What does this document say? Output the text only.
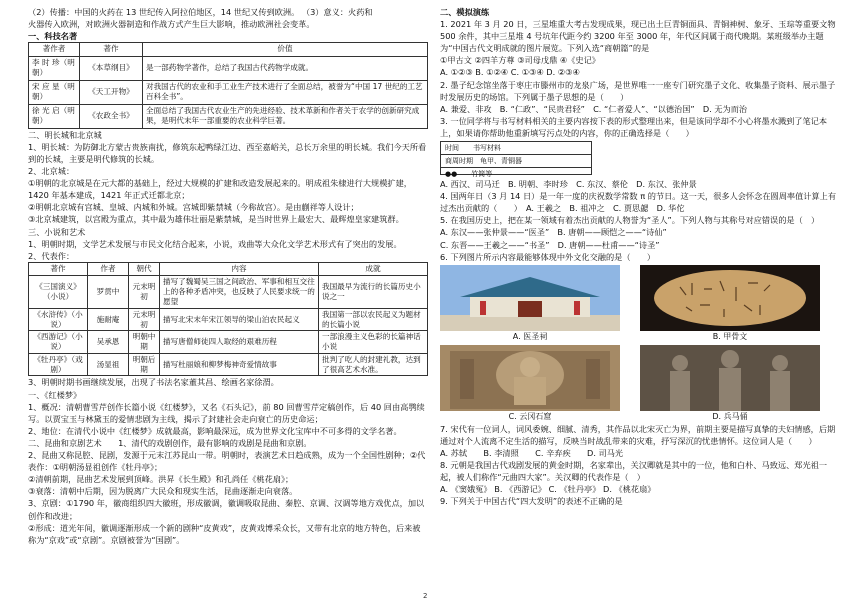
（2）传播：中国的火药在 13 世纪传入阿拉伯地区，14 世纪又传到欧洲。 （3）意义：火药和
火器传入欧洲，对欧洲火器制造和作战方式产生巨大影响，推动欧洲社会变革。
一、科技名著
著作者	著作	价值
李 时 珍（明朝）	《本草纲目》	是一部药物学著作，总结了我国古代药物学成就。
宋 应 星（明朝）	《天工开物》	对我国古代的农业和手工业生产技术进行了全面总结，被誉为“中国 17 世纪的工艺百科全书”。
徐 光 启（明朝）	《农政全书》	全面总结了我国古代农业生产的先进经验、技术革新和作者关于农学的创新研究成果，是明代末年一部重要的农业科学巨著。
二、明长城和北京城
1、明长城：为防御北方蒙古贵族南扰，修筑东起鸭绿江边、西至嘉峪关，总长万余里的明长城。我们今天所看到的长城，主要是明代修筑的长城。
2、北京城：
①明朝的北京城是在元大都的基础上，经过大规模的扩建和改造发展起来的。明成祖朱棣进行大规模扩建，1420 年基本建成，1421 年正式迁都北京；
②明朝北京城有宫城、皇城、内城和外城。宫城即紫禁城（今称故宫）。是由蒯祥等人设计；
③北京城建筑，以宫殿为重点，其中最为雄伟壮丽是紫禁城，是当时世界上最宏大、最辉煌皇家建筑群。
三、小说和艺术
1、明朝时期，文学艺术发展与市民文化结合起来，小说，戏曲等大众化文学艺术形式有了突出的发展。
2、代表作：
著作	作者	朝代	内容	成就
《三国演义》（小说）	罗贯中	元末明初	描写了魏蜀吴三国之间政治、军事和相互交往上的各种矛盾冲突，也反映了人民要求统一的愿望	我国最早为流行的长篇历史小说之一
《水浒传》（小说）	施耐庵	元末明初	描写北宋末年宋江领导的梁山泊农民起义	我国第一部以农民起义为题材的长篇小说
《西游记》（小说）	吴承恩	明朝中期	描写唐僧师徒四人取经的艰难历程	一部浪漫主义色彩的长篇神话小说
《牡丹亭》（戏剧）	汤显祖	明朝后期	描写杜丽娘和柳梦梅神奇爱情故事	批判了吃人的封建礼教，达到了很高艺术水准。
3、明朝时期书画继续发展，出现了书法名家董其昌、绘画名家徐渭。
一、《红楼梦》
1、概况：清朝曹雪芹创作长篇小说《红楼梦》，又名《石头记》，前 80 回曹雪芹定稿创作，后 40 回由高鹗续写。以贾宝玉与林黛玉的爱情悲剧为主线，揭示了封建社会走向衰亡的历史命运；
2、地位：在清代小说中《红楼梦》成就最高，影响最深远，成为世界文化宝库中不可多得的文学名著。
二、昆曲和京剧艺术　　1、清代的戏剧创作，最有影响的戏剧是昆曲和京剧。
2、昆曲又称昆腔、昆剧，发源于元末江苏昆山一带。明朝时，表演艺术日趋成熟，成为一个全国性剧种；②代表作：①明朝汤显祖创作《牡丹亭》；
②清朝前期，昆曲艺术发展到顶峰。洪昇《长生殿》和孔尚任《桃花扇》；
③衰落：清朝中后期，因为脱离广大民众和现实生活，昆曲逐渐走向衰落。
3、京剧：①1790 年，徽商组织四大徽班，形成徽调，徽调吸取昆曲、秦腔、京调、汉调等地方戏优点，加以创作和改进；
②形成：道光年间，徽调逐渐形成一个新的剧种“皮黄戏”，皮黄戏博采众长，又带有北京的地方特色，后来被称为“京戏”或“京剧”。京剧被誉为“国剧”。
二、模拟演练
1. 2021 年 3 月 20 日，三星堆重大考古发现成果，现已出土巨青铜面具、青铜神树、象牙、玉琮等重要文物 500 余件，其中三星堆 4 号坑年代距今约 3200 年至 3000 年，年代区间属于商代晚期。某班级举办主题为“中国古代文明成就的图片展览。下列入选“商朝篇”的是
①甲古文 ②四羊方尊 ③司母戊鼎 ④《史记》
A. ①②③ B. ①②④ C. ①③④ D. ②③④
2. 墨子纪念馆坐落于枣庄市滕州市的龙泉广场，是世界唯一一座专门研究墨子文化、收集墨子资料、展示墨子时发展历史的场馆。下列属于墨子思想的是（　　）
A. 兼爱、非攻　B. “仁政”、“民贵君轻”　C. “仁者爱人”、“以德治国”　D. 无为而治
3. 一位同学将与书写材料相关的主要内容按下表的形式整理出来，但是该同学却不小心将墨水溅到了笔记本上，如果请你帮助他重新填写污点处的内容，你的正确选择是（　　）
时间　　书写材料
商周时期　龟甲、青铜器
●●　　竹简等
A. 西汉、司马迁　B. 明朝、李时珍　C. 东汉、蔡伦　D. 东汉、张仲景
4. 国两年日（3 月 14 日）是一年一度的庆祝数学常数 π 的节日。这一天，很多人会怀念在圆周率值计算上有过杰出贡献的（　　）　A. 王羲之　B. 祖冲之　C. 贾思勰　D. 华佗
5. 在我国历史上，把在某一领域有着杰出贡献的人物誉为“圣人”。下列人物与其称号对应错误的是（　）
A. 东汉——张仲景——“医圣”　B. 唐朝——顾恺之——“诗仙”
C. 东晋——王羲之——“书圣”　D. 唐朝——杜甫——“诗圣”
6. 下列图片所示内容最能够体现中外文化交融的是（　　）
A. 医圣祠	B. 甲骨文
C. 云冈石窟	D. 兵马俑
7. 宋代有一位词人，词风委婉、细腻、清秀，其作品以北宋灭亡为界，前期主要是描写真挚的夫妇情感，后期通过对个人流离不定生活的描写，反映当时战乱带来的灾难，抒写深沉的忧患情怀。这位词人是（　　）
A. 苏轼　　B. 李清照　　C. 辛弃疾　　D. 司马光
8. 元朝是我国古代戏剧发展的黄金时期，名家辈出，关汉卿就是其中的一位，他和白朴、马致远、郑光祖一起，被人们称作“元曲四大家”。关汉卿的代表作是（　）
A. 《窦娥冤》 B. 《西游记》 C. 《牡丹亭》 D. 《桃花扇》
9. 下列关于中国古代“四大发明”的表述不正确的是
2
